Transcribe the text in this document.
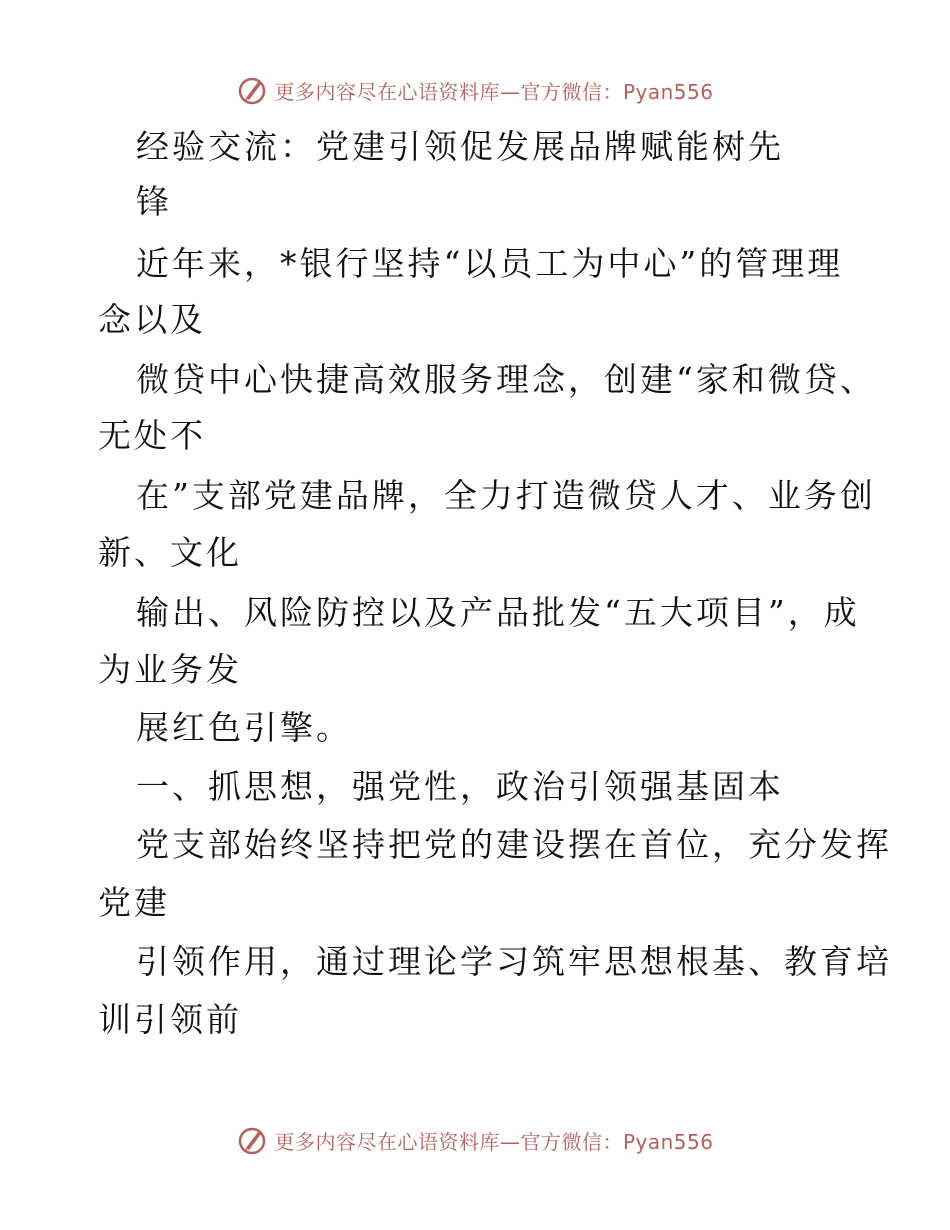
更多内容尽在心语资料库—官方微信：Pyan556
经验交流：党建引领促发展品牌赋能树先
锋
近年来，*银行坚持“以员工为中心”的管理理
念以及
微贷中心快捷高效服务理念，创建“家和微贷、
无处不
在”支部党建品牌，全力打造微贷人才、业务创
新、文化
输出、风险防控以及产品批发“五大项目”，成
为业务发
展红色引擎。
一、抓思想，强党性，政治引领强基固本
党支部始终坚持把党的建设摆在首位，充分发挥
党建
引领作用，通过理论学习筑牢思想根基、教育培
训引领前
更多内容尽在心语资料库—官方微信：Pyan556
